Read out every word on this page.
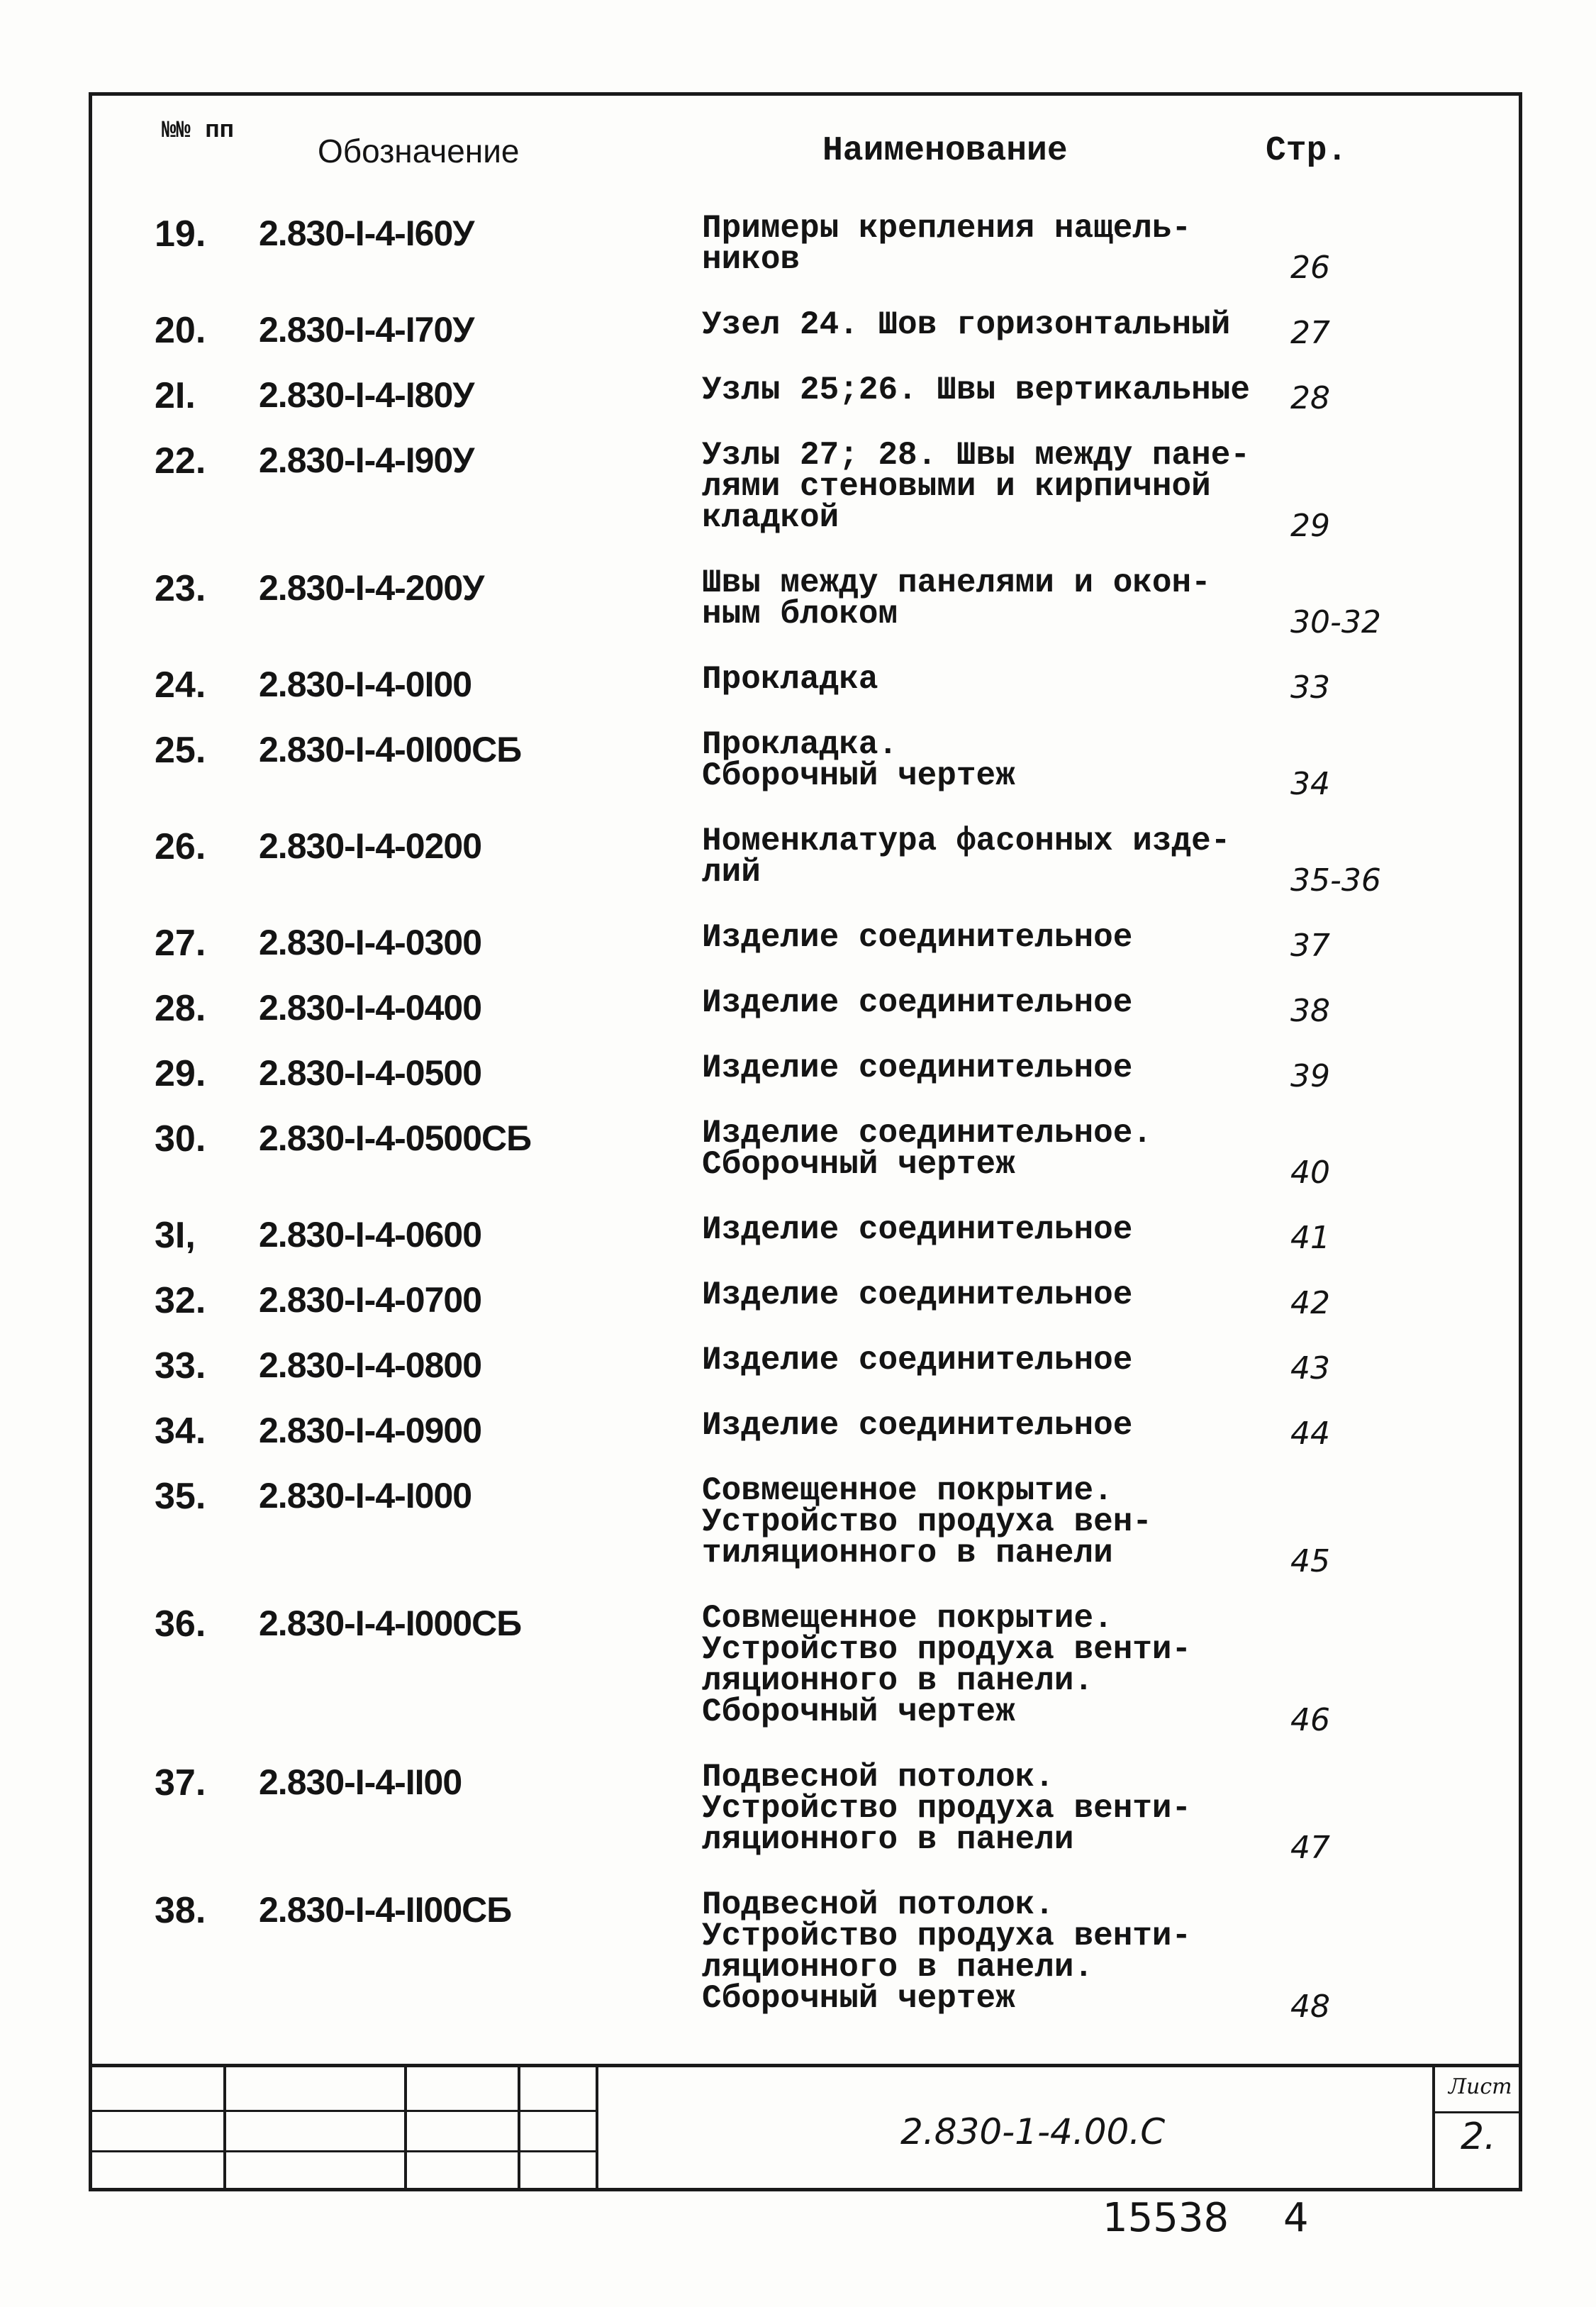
№№ пп
Обозначение	Наименование	Стр.
19. 2.830-I-4-I60У	Примеры крепления нащель-
ников	26
20. 2.830-I-4-I70У	Узел 24. Шов горизонтальный	27
2I. 2.830-I-4-I80У	Узлы 25;26. Швы вертикальные	28
22. 2.830-I-4-I90У	Узлы 27; 28. Швы между пане-
лями стеновыми и кирпичной
кладкой	29
23. 2.830-I-4-200У	Швы между панелями и окон-
ным блоком	30-32
24. 2.830-I-4-0I00	Прокладка	33
25. 2.830-I-4-0I00СБ	Прокладка.
Сборочный чертеж	34
26. 2.830-I-4-0200	Номенклатура фасонных изде-
лий	35-36
27. 2.830-I-4-0300	Изделие соединительное	37
28. 2.830-I-4-0400	Изделие соединительное	38
29. 2.830-I-4-0500	Изделие соединительное	39
30. 2.830-I-4-0500СБ	Изделие соединительное.
Сборочный чертеж	40
3I, 2.830-I-4-0600	Изделие соединительное	41
32. 2.830-I-4-0700	Изделие соединительное	42
33. 2.830-I-4-0800	Изделие соединительное	43
34. 2.830-I-4-0900	Изделие соединительное	44
35. 2.830-I-4-I000	Совмещенное покрытие.
Устройство продуха вен-
тиляционного в панели	45
36. 2.830-I-4-I000СБ	Совмещенное покрытие.
Устройство продуха венти-
ляционного в панели.
Сборочный чертеж	46
37. 2.830-I-4-II00	Подвесной потолок.
Устройство продуха венти-
ляционного в панели	47
38. 2.830-I-4-II00СБ	Подвесной потолок.
Устройство продуха венти-
ляционного в панели.
Сборочный чертеж	48
2.830-1-4.00.С
Лист
2.
15538 4
